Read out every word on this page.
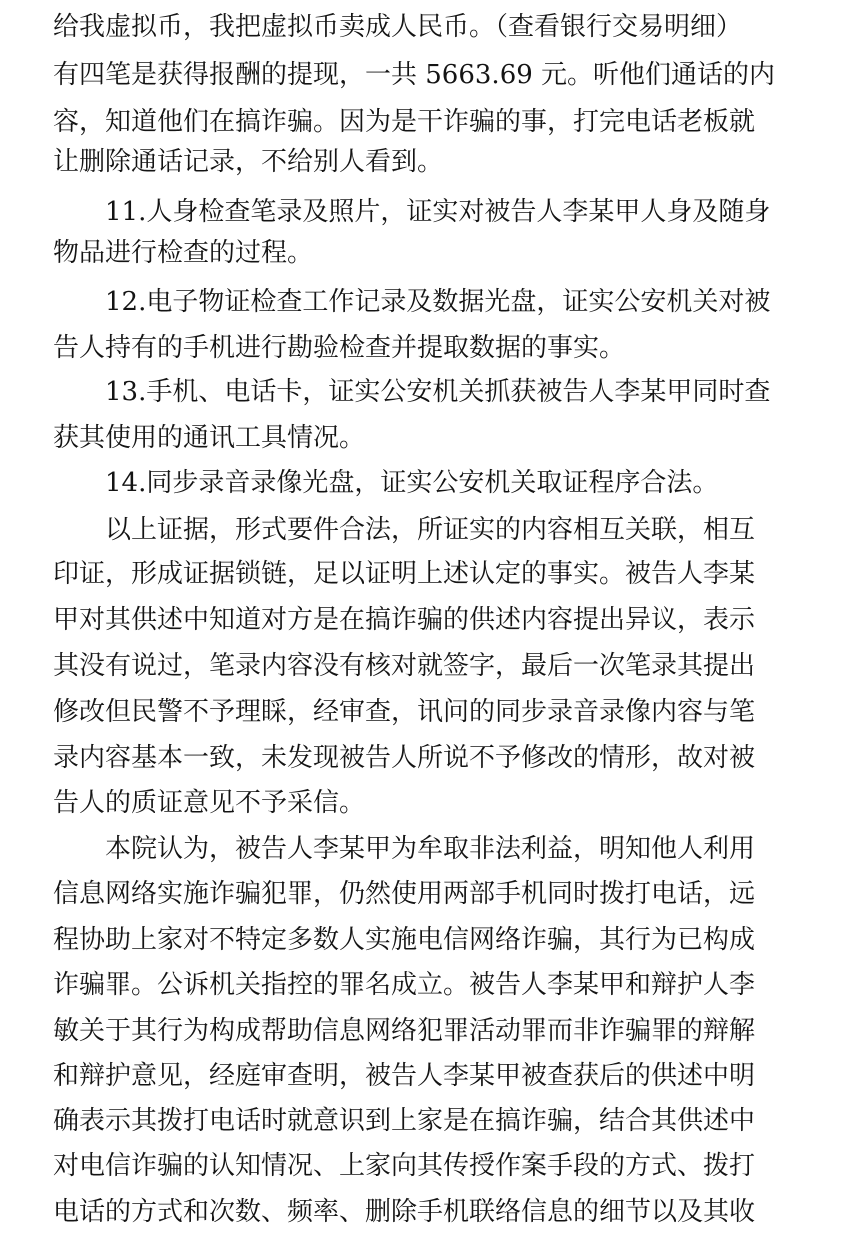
给我虚拟币，我把虚拟币卖成人民币。（查看银行交易明细）
有四笔是获得报酬的提现，一共 5663.69 元。听他们通话的内
容，知道他们在搞诈骗。因为是干诈骗的事，打完电话老板就
让删除通话记录，不给别人看到。
11.人身检查笔录及照片，证实对被告人李某甲人身及随身
物品进行检查的过程。
12.电子物证检查工作记录及数据光盘，证实公安机关对被
告人持有的手机进行勘验检查并提取数据的事实。
13.手机、电话卡，证实公安机关抓获被告人李某甲同时查
获其使用的通讯工具情况。
14.同步录音录像光盘，证实公安机关取证程序合法。
以上证据，形式要件合法，所证实的内容相互关联，相互
印证，形成证据锁链，足以证明上述认定的事实。被告人李某
甲对其供述中知道对方是在搞诈骗的供述内容提出异议，表示
其没有说过，笔录内容没有核对就签字，最后一次笔录其提出
修改但民警不予理睬，经审查，讯问的同步录音录像内容与笔
录内容基本一致，未发现被告人所说不予修改的情形，故对被
告人的质证意见不予采信。
本院认为，被告人李某甲为牟取非法利益，明知他人利用
信息网络实施诈骗犯罪，仍然使用两部手机同时拨打电话，远
程协助上家对不特定多数人实施电信网络诈骗，其行为已构成
诈骗罪。公诉机关指控的罪名成立。被告人李某甲和辩护人李
敏关于其行为构成帮助信息网络犯罪活动罪而非诈骗罪的辩解
和辩护意见，经庭审查明，被告人李某甲被查获后的供述中明
确表示其拨打电话时就意识到上家是在搞诈骗，结合其供述中
对电信诈骗的认知情况、上家向其传授作案手段的方式、拨打
电话的方式和次数、频率、删除手机联络信息的细节以及其收
